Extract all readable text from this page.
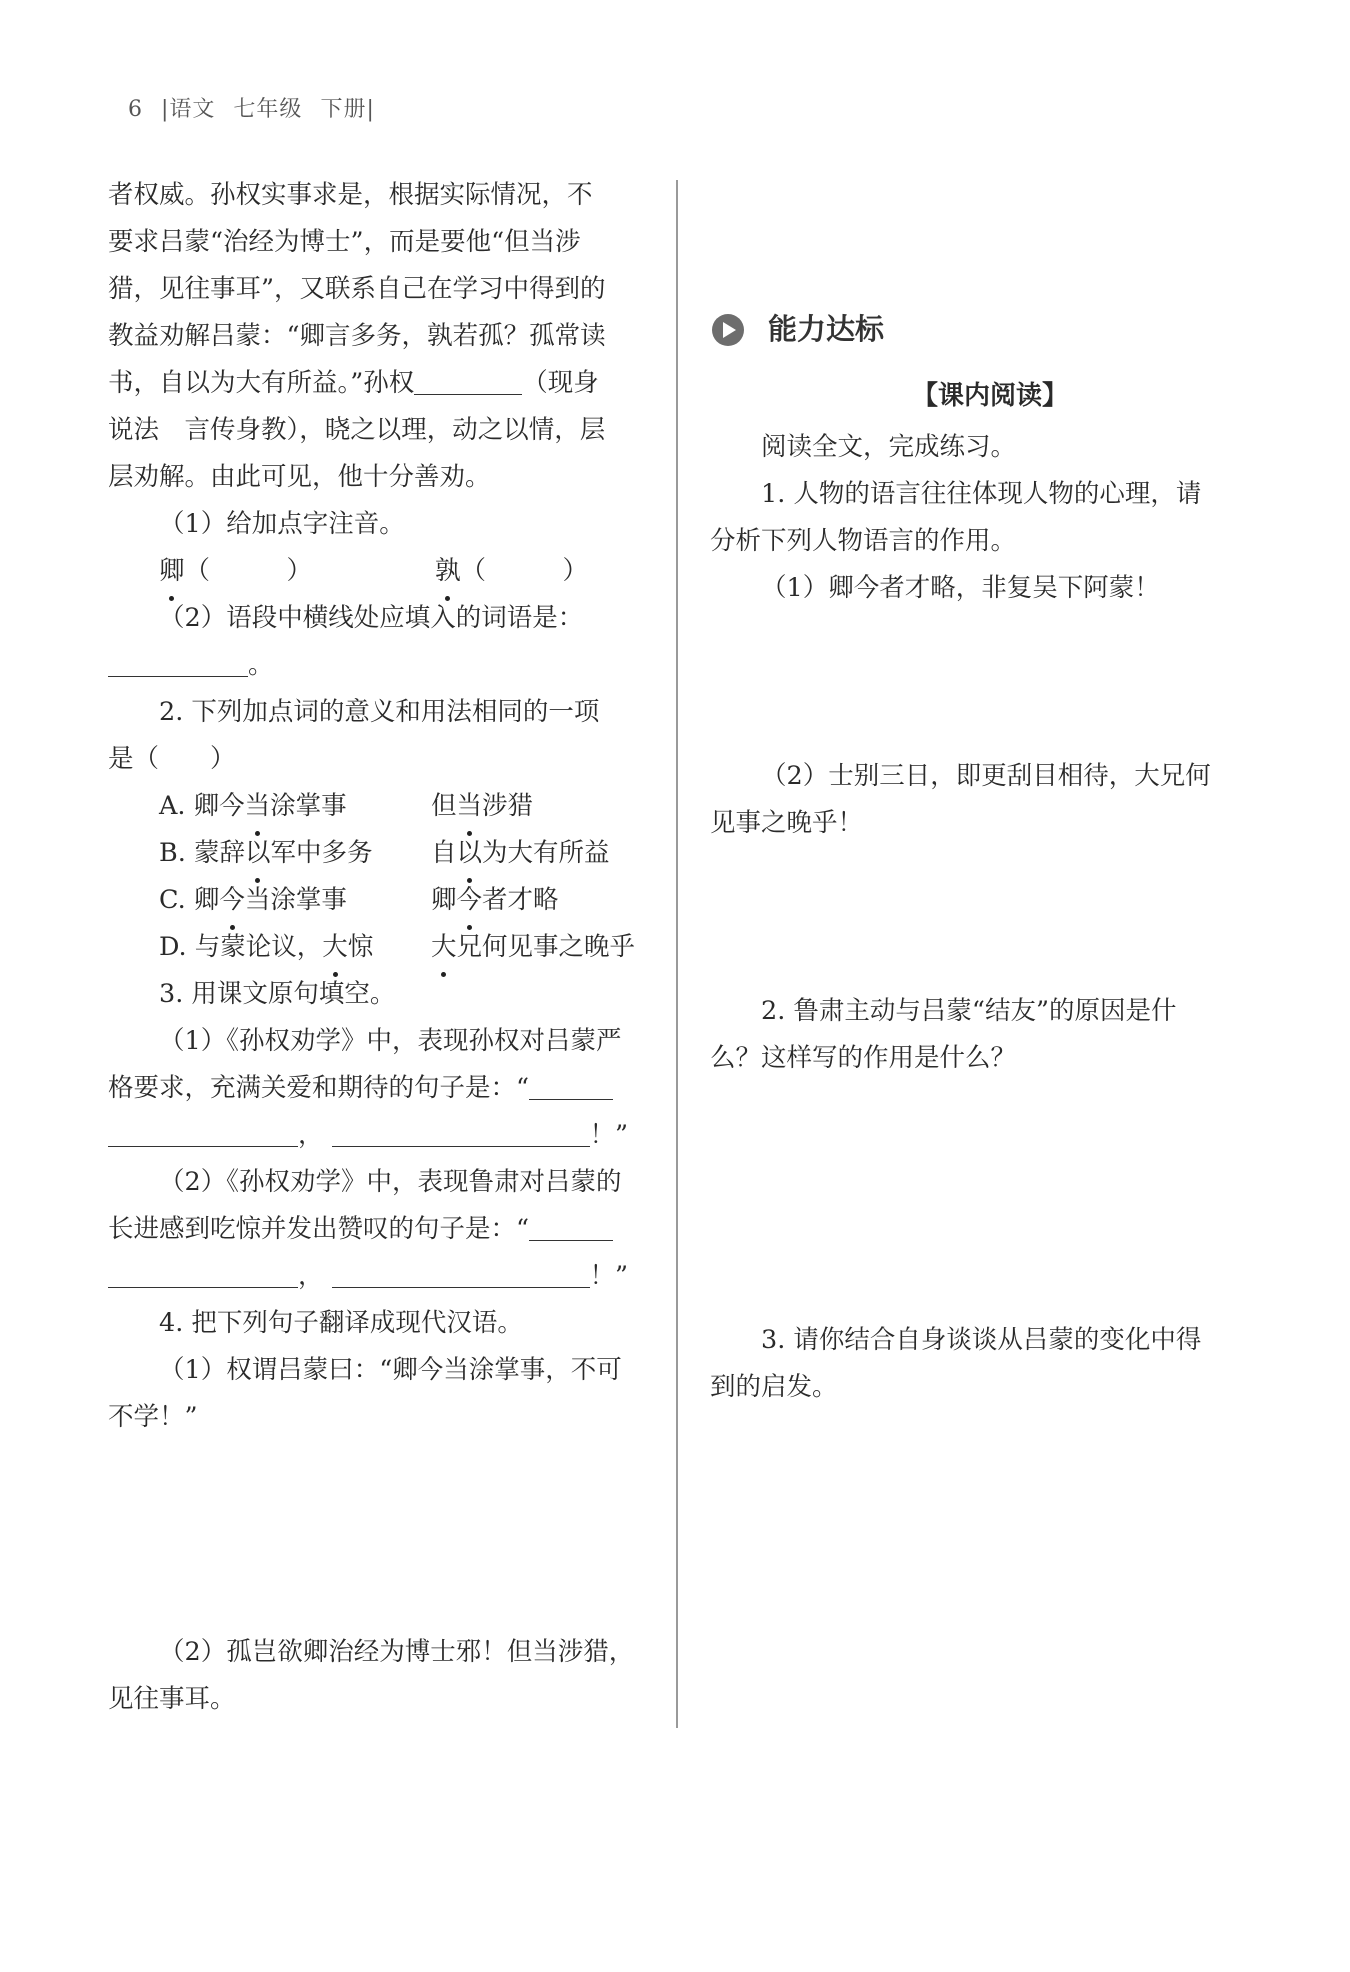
6 |语文 七年级 下册|

者权威。孙权实事求是，根据实际情况，不

要求吕蒙“治经为博士”，而是要他“但当涉

猎，见往事耳”，又联系自己在学习中得到的

教益劝解吕蒙：“卿言多务，孰若孤？孤常读

书，自以为大有所益。”孙权	（现身

说法　言传身教），晓之以理，动之以情，层

层劝解。由此可见，他十分善劝。

（1）给加点字注音。

卿（　　　）	孰（　　　）

（2）语段中横线处应填入的词语是：

。

2. 下列加点词的意义和用法相同的一项

是（　　）

A. 卿今当涂掌事	但当涉猎
B. 蒙辞以军中多务	自以为大有所益
C. 卿今当涂掌事	卿今者才略
D. 与蒙论议，大惊	大兄何见事之晚乎

3. 用课文原句填空。

（1）《孙权劝学》中，表现孙权对吕蒙严

格要求，充满关爱和期待的句子是：“

，	！”

（2）《孙权劝学》中，表现鲁肃对吕蒙的

长进感到吃惊并发出赞叹的句子是：“

，	！”

4. 把下列句子翻译成现代汉语。

（1）权谓吕蒙曰：“卿今当涂掌事，不可

不学！”

（2）孤岂欲卿治经为博士邪！但当涉猎，

见往事耳。

能力达标

【课内阅读】

阅读全文，完成练习。

1. 人物的语言往往体现人物的心理，请

分析下列人物语言的作用。

（1）卿今者才略，非复吴下阿蒙！

（2）士别三日，即更刮目相待，大兄何

见事之晚乎！

2. 鲁肃主动与吕蒙“结友”的原因是什

么？这样写的作用是什么？

3. 请你结合自身谈谈从吕蒙的变化中得

到的启发。
